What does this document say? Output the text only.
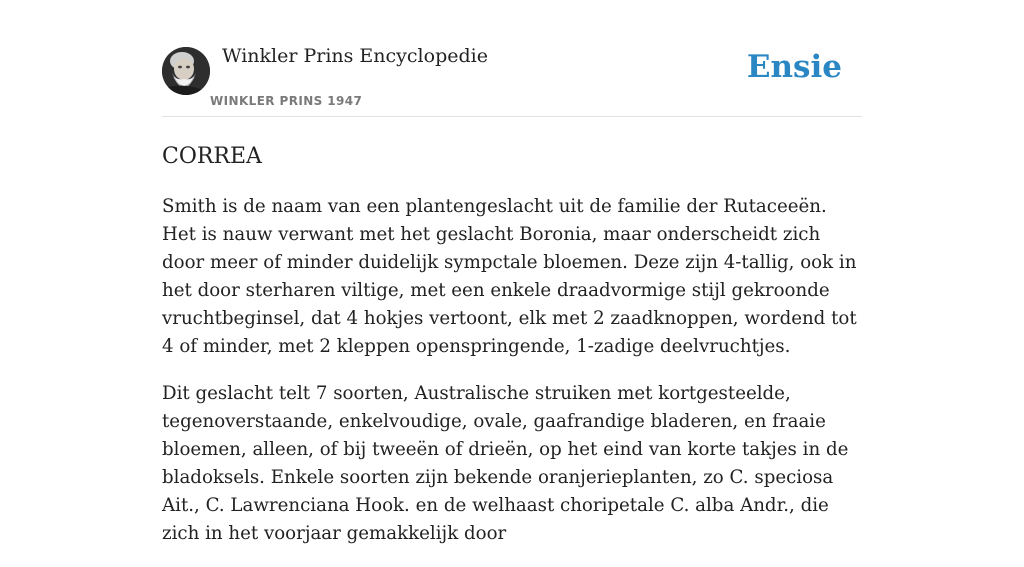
Winkler Prins Encyclopedie
WINKLER PRINS 1947
Ensie
CORREA

Smith is de naam van een plantengeslacht uit de familie der Rutaceeën. Het is nauw verwant met het geslacht Boronia, maar onderscheidt zich door meer of minder duidelijk sympctale bloemen. Deze zijn 4-tallig, ook in het door sterharen viltige, met een enkele draadvormige stijl gekroonde vruchtbeginsel, dat 4 hokjes vertoont, elk met 2 zaadknoppen, wordend tot 4 of minder, met 2 kleppen openspringende, 1-zadige deelvruchtjes.

Dit geslacht telt 7 soorten, Australische struiken met kortgesteelde, tegenoverstaande, enkelvoudige, ovale, gaafrandige bladeren, en fraaie bloemen, alleen, of bij tweeën of drieën, op het eind van korte takjes in de bladoksels. Enkele soorten zijn bekende oranjerieplanten, zo C. speciosa Ait., C. Lawrenciana Hook. en de welhaast choripetale C. alba Andr., die zich in het voorjaar gemakkelijk door
